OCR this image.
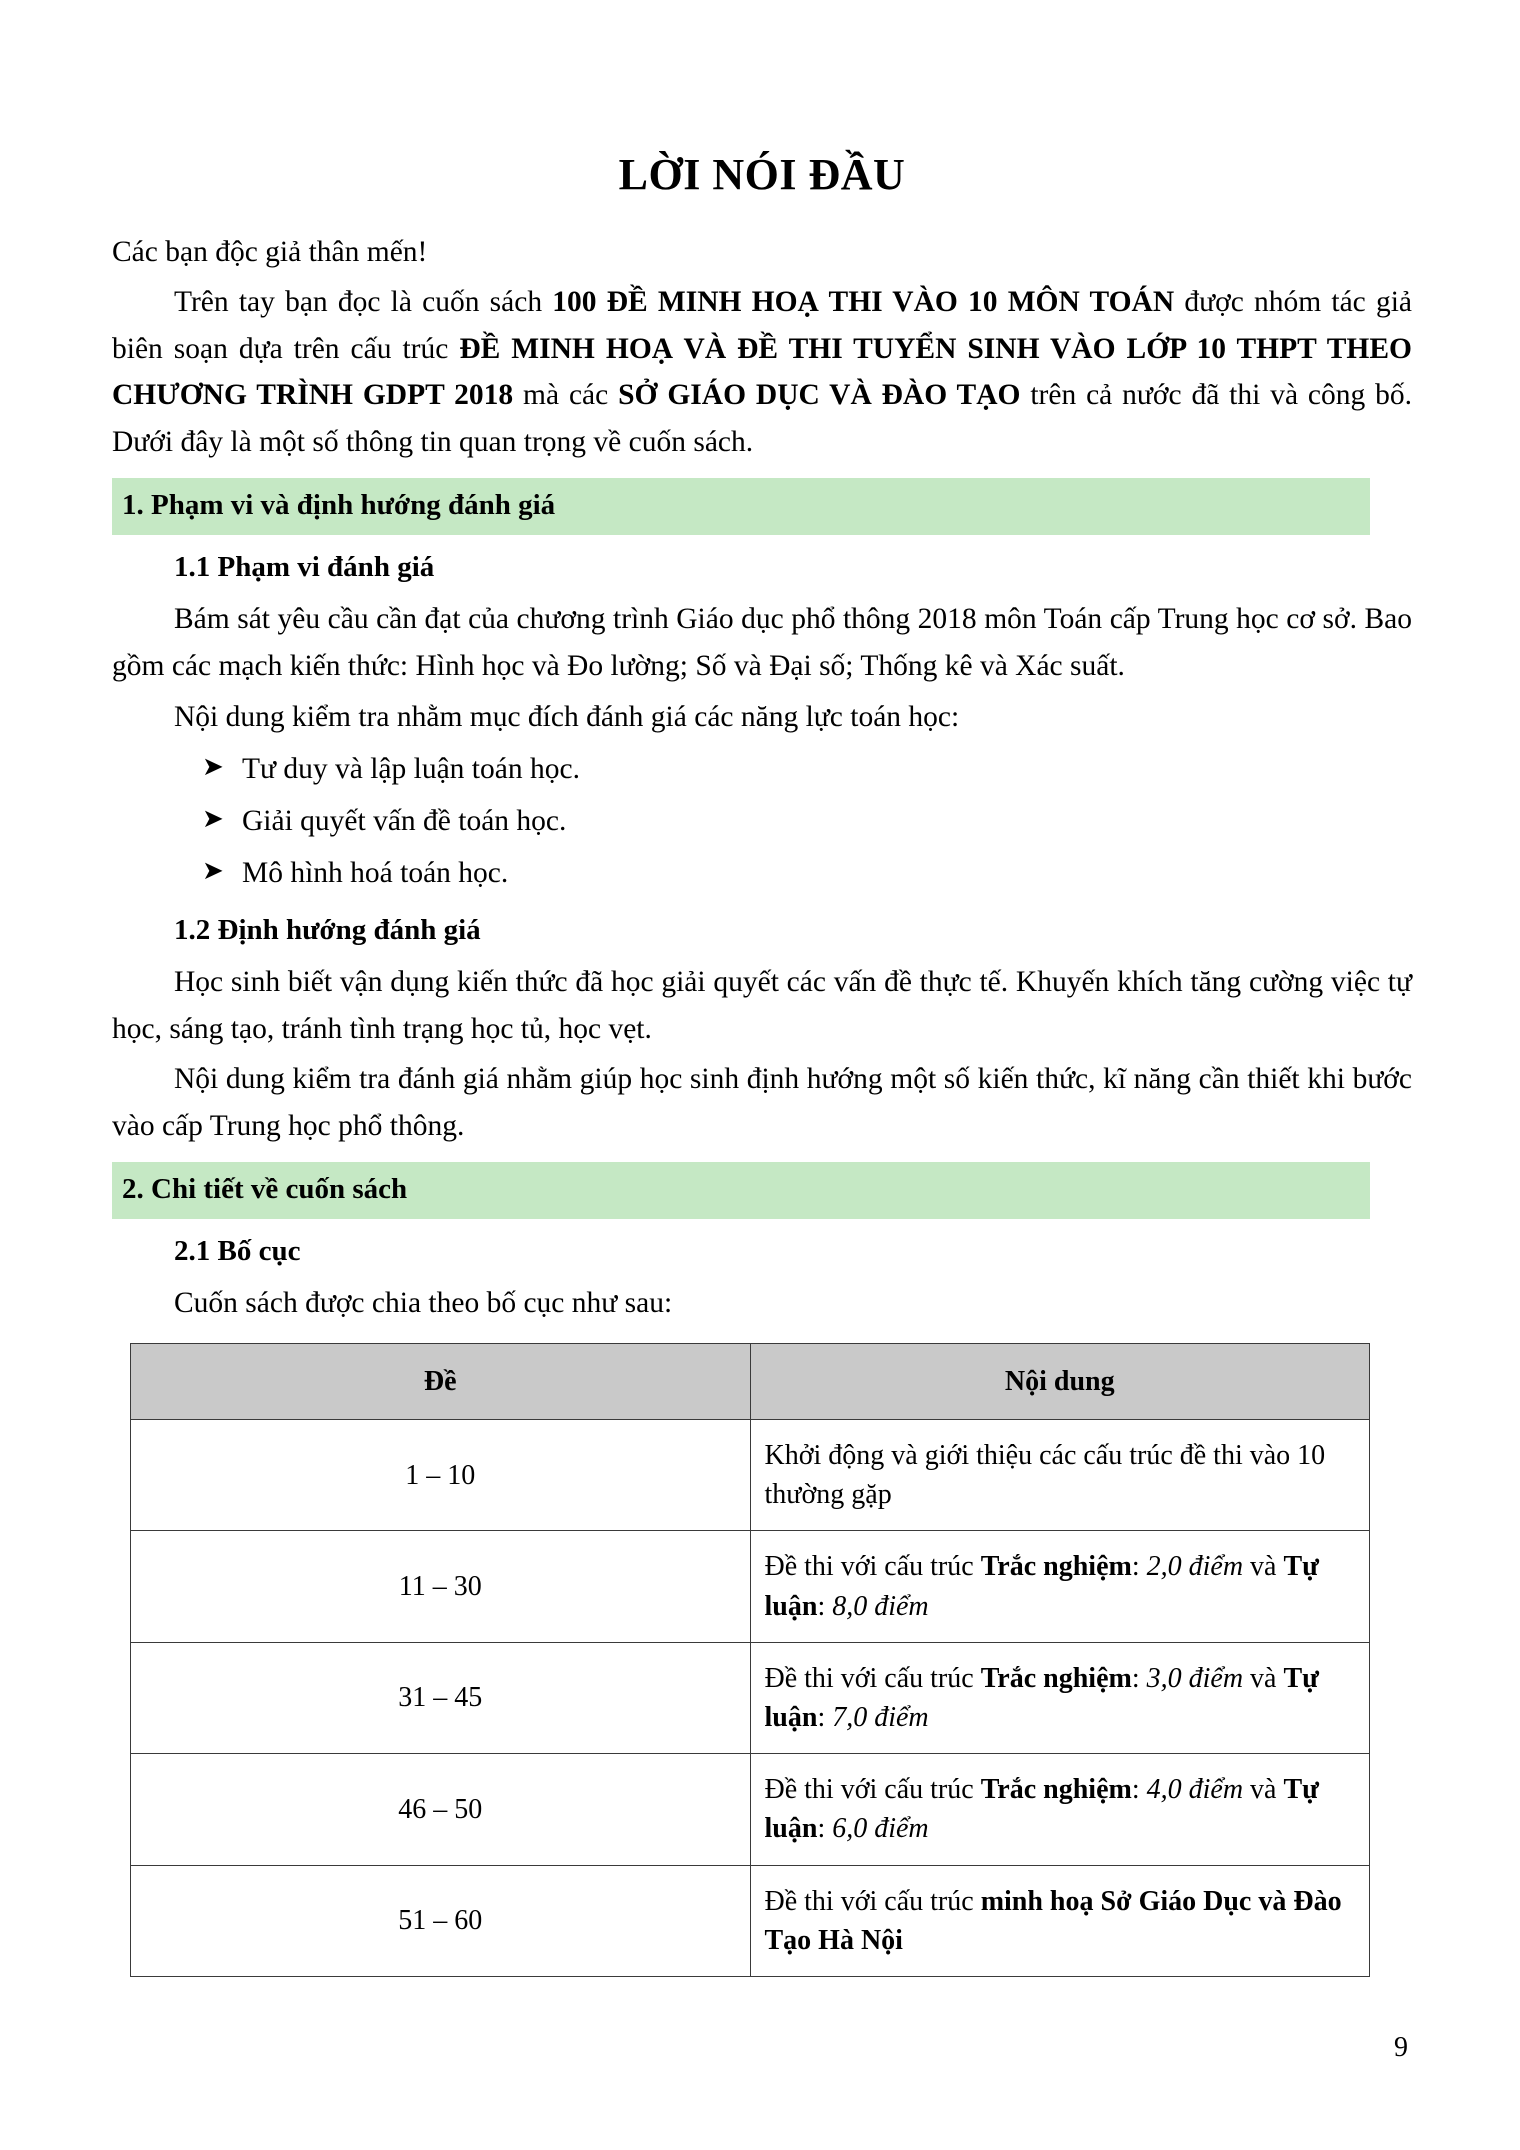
LỜI NÓI ĐẦU

Các bạn độc giả thân mến!

Trên tay bạn đọc là cuốn sách 100 ĐỀ MINH HOẠ THI VÀO 10 MÔN TOÁN được nhóm tác giả biên soạn dựa trên cấu trúc ĐỀ MINH HOẠ VÀ ĐỀ THI TUYỂN SINH VÀO LỚP 10 THPT THEO CHƯƠNG TRÌNH GDPT 2018 mà các SỞ GIÁO DỤC VÀ ĐÀO TẠO trên cả nước đã thi và công bố. Dưới đây là một số thông tin quan trọng về cuốn sách.

1. Phạm vi và định hướng đánh giá
1.1 Phạm vi đánh giá

Bám sát yêu cầu cần đạt của chương trình Giáo dục phổ thông 2018 môn Toán cấp Trung học cơ sở. Bao gồm các mạch kiến thức: Hình học và Đo lường; Số và Đại số; Thống kê và Xác suất.

Nội dung kiểm tra nhằm mục đích đánh giá các năng lực toán học:

➤ Tư duy và lập luận toán học.
➤ Giải quyết vấn đề toán học.
➤ Mô hình hoá toán học.
1.2 Định hướng đánh giá

Học sinh biết vận dụng kiến thức đã học giải quyết các vấn đề thực tế. Khuyến khích tăng cường việc tự học, sáng tạo, tránh tình trạng học tủ, học vẹt.

Nội dung kiểm tra đánh giá nhằm giúp học sinh định hướng một số kiến thức, kĩ năng cần thiết khi bước vào cấp Trung học phổ thông.

2. Chi tiết về cuốn sách
2.1 Bố cục

Cuốn sách được chia theo bố cục như sau:

Đề	Nội dung
1 – 10	Khởi động và giới thiệu các cấu trúc đề thi vào 10 thường gặp
11 – 30	Đề thi với cấu trúc Trắc nghiệm: 2,0 điểm và Tự luận: 8,0 điểm
31 – 45	Đề thi với cấu trúc Trắc nghiệm: 3,0 điểm và Tự luận: 7,0 điểm
46 – 50	Đề thi với cấu trúc Trắc nghiệm: 4,0 điểm và Tự luận: 6,0 điểm
51 – 60	Đề thi với cấu trúc minh hoạ Sở Giáo Dục và Đào Tạo Hà Nội
9
